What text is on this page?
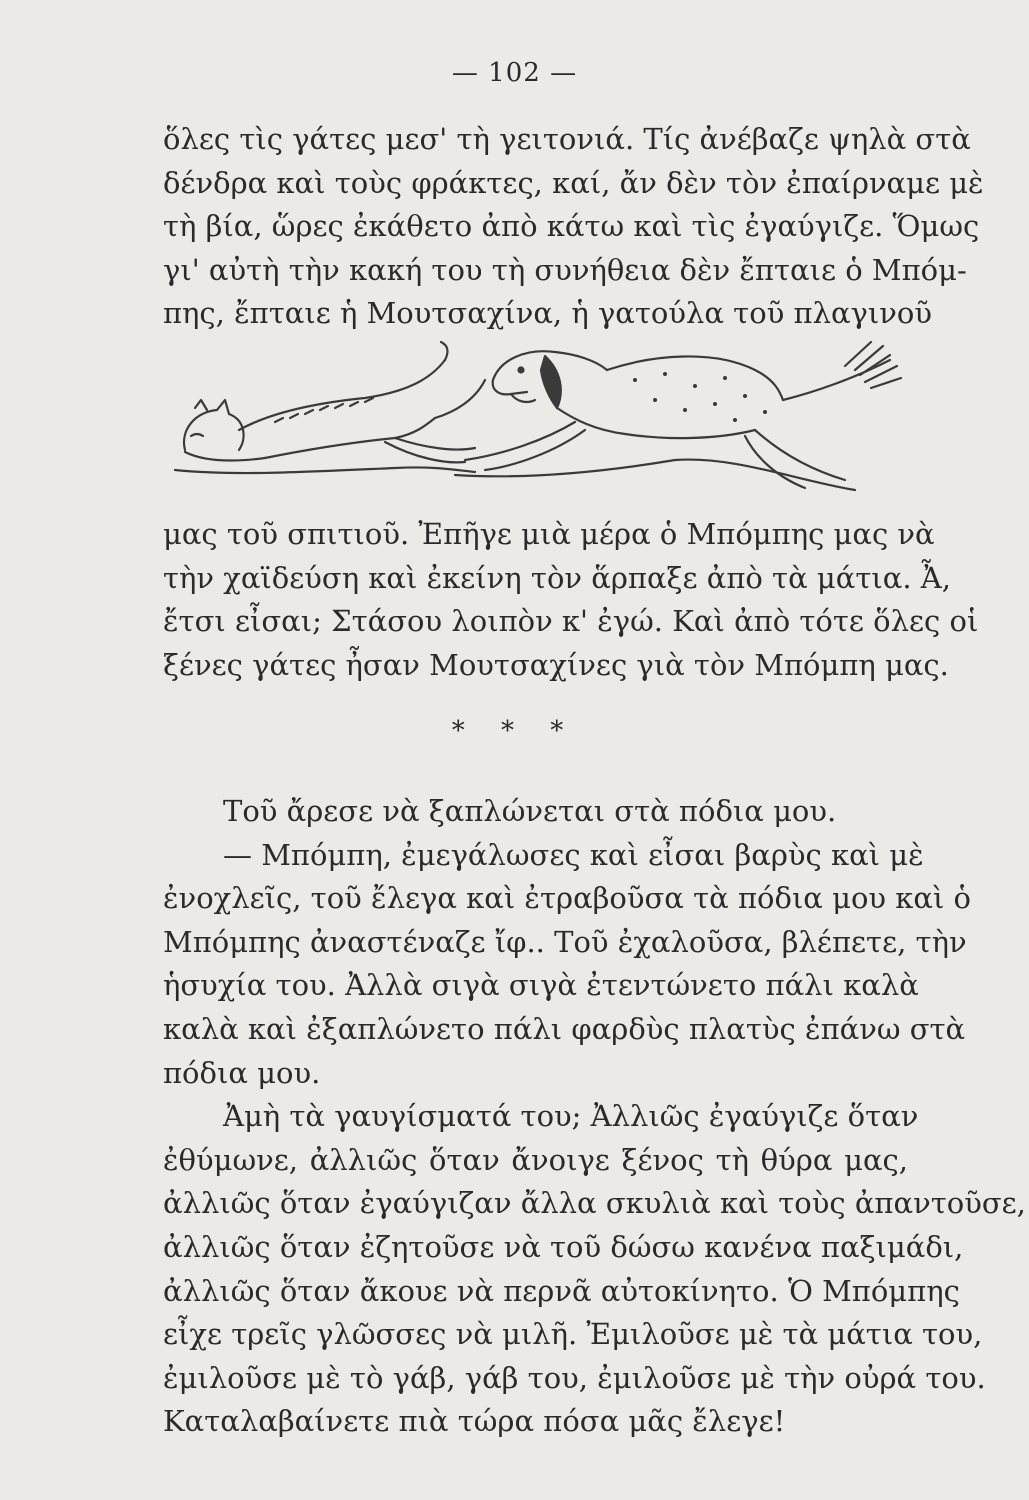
— 102 —
ὅλες τὶς γάτες μεσ' τὴ γειτονιά. Τίς ἀνέβαζε ψηλὰ στὰ
δένδρα καὶ τοὺς φράκτες, καί, ἄν δὲν τὸν ἐπαίρναμε μὲ
τὴ βία, ὥρες ἐκάθετο ἀπὸ κάτω καὶ τὶς ἐγαύγιζε. Ὅμως
γι' αὐτὴ τὴν κακή του τὴ συνήθεια δὲν ἔπταιε ὁ Μπόμ-
πης, ἔπταιε ἡ Μουτσαχίνα, ἡ γατούλα τοῦ πλαγινοῦ
μας τοῦ σπιτιοῦ. Ἐπῆγε μιὰ μέρα ὁ Μπόμπης μας νὰ
τὴν χαϊδεύση καὶ ἐκείνη τὸν ἅρπαξε ἀπὸ τὰ μάτια. Ἆ,
ἔτσι εἶσαι; Στάσου λοιπὸν κ' ἐγώ. Καὶ ἀπὸ τότε ὅλες οἱ
ξένες γάτες ἦσαν Μουτσαχίνες γιὰ τὸν Μπόμπη μας.
* * *
Τοῦ ἄρεσε νὰ ξαπλώνεται στὰ πόδια μου.
— Μπόμπη, ἐμεγάλωσες καὶ εἶσαι βαρὺς καὶ μὲ
ἐνοχλεῖς, τοῦ ἔλεγα καὶ ἐτραβοῦσα τὰ πόδια μου καὶ ὁ
Μπόμπης ἀναστέναζε ἴφ.. Τοῦ ἐχαλοῦσα, βλέπετε, τὴν
ἡσυχία του. Ἀλλὰ σιγὰ σιγὰ ἐτεντώνετο πάλι καλὰ
καλὰ καὶ ἐξαπλώνετο πάλι φαρδὺς πλατὺς ἐπάνω στὰ
πόδια μου.
Ἀμὴ τὰ γαυγίσματά του; Ἀλλιῶς ἐγαύγιζε ὅταν
ἐθύμωνε, ἀλλιῶς ὅταν ἄνοιγε ξένος τὴ θύρα μας,
ἀλλιῶς ὅταν ἐγαύγιζαν ἄλλα σκυλιὰ καὶ τοὺς ἀπαντοῦσε,
ἀλλιῶς ὅταν ἐζητοῦσε νὰ τοῦ δώσω κανένα παξιμάδι,
ἀλλιῶς ὅταν ἄκουε νὰ περνᾶ αὐτοκίνητο. Ὁ Μπόμπης
εἶχε τρεῖς γλῶσσες νὰ μιλῆ. Ἐμιλοῦσε μὲ τὰ μάτια του,
ἐμιλοῦσε μὲ τὸ γάβ, γάβ του, ἐμιλοῦσε μὲ τὴν οὐρά του.
Καταλαβαίνετε πιὰ τώρα πόσα μᾶς ἔλεγε!
